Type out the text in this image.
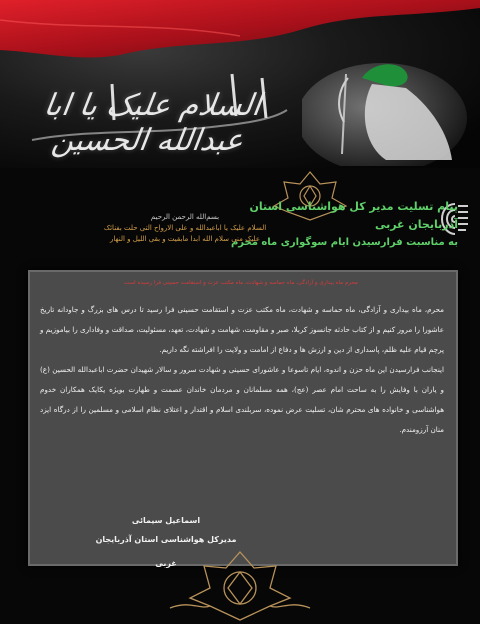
السلام علیک یا ابا عبدالله الحسین
پیام تسلیت مدیر کل هواشناسی استان آذربایجان غربی
به مناسبت فرارسیدن ایام سوگواری ماه محرم
بسم‌الله الرحمن الرحیم
السلام علیک یا اباعبدالله و علی الارواح التی حلت بفنائک
علیک منی سلام الله ابدا مابقیت و بقی اللیل و النهار
محرم ماه بیداری و آزادگی، ماه حماسه و شهادت، ماه مکتب عزت و استقامت حسینی فرا رسیده است

محرم، ماه بیداری و آزادگی، ماه حماسه و شهادت، ماه مکتب عزت و استقامت حسینی فرا رسید تا درس های بزرگ و جاودانه تاریخ عاشورا را مرور کنیم و از کتاب حادثه جانسوز کربلا، صبر و مقاومت، شهامت و شهادت، تعهد، مسئولیت، صداقت و وفاداری را بیاموزیم و پرچم قیام علیه ظلم، پاسداری از دین و ارزش ها و دفاع از امامت و ولایت را افراشته نگه داریم.

اینجانب فرارسیدن این ماه حزن و اندوه، ایام تاسوعا و عاشورای حسینی و شهادت سرور و سالار شهیدان حضرت اباعبدالله الحسین (ع) و یاران با وفایش را به ساحت امام عصر (عج)، همه مسلمانان و مردمان خاندان عصمت و طهارت بویژه یکایک همکاران خدوم هواشناسی و خانواده های محترم شان، تسلیت عرض نموده، سربلندی اسلام و اقتدار و اعتلای نظام اسلامی و مسلمین را از درگاه ایزد منان آرزومندم.

اسماعیل سیمائی
مدیرکل هواشناسی استان آذربایجان غربی
